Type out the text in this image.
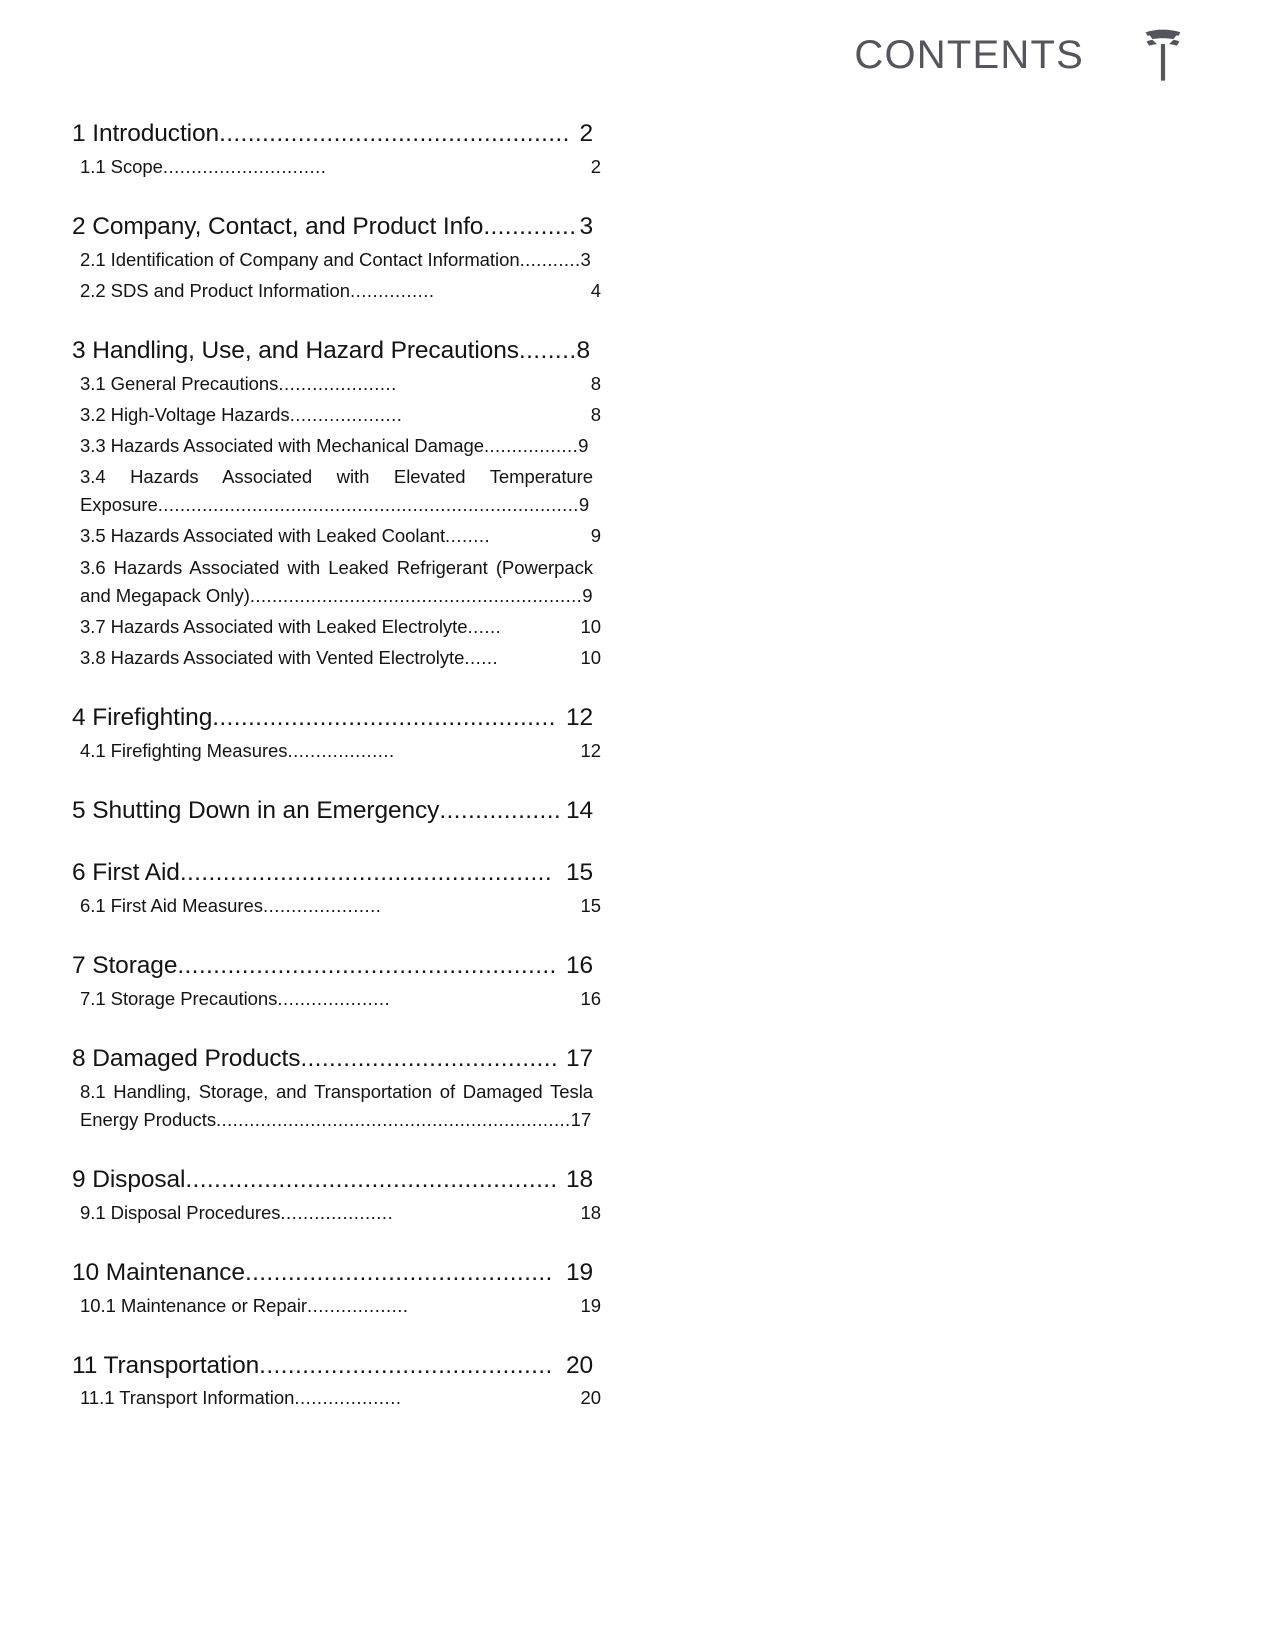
CONTENTS
1 Introduction ................................................. 2
1.1 Scope .............................	2
2 Company, Contact, and Product Info ............. 3
2.1 Identification of Company and Contact Information...........3
2.2 SDS and Product Information ...............	4
3 Handling, Use, and Hazard Precautions........8
3.1 General Precautions .....................	8
3.2 High-Voltage Hazards ....................	8
3.3 Hazards Associated with Mechanical Damage.................9
3.4 Hazards Associated with Elevated Temperature Exposure............................................................................9
3.5 Hazards Associated with Leaked Coolant ........	9
3.6 Hazards Associated with Leaked Refrigerant (Powerpack and Megapack Only)............................................................9
3.7 Hazards Associated with Leaked Electrolyte ......	10
3.8 Hazards Associated with Vented Electrolyte ......	10
4 Firefighting ................................................ 12
4.1 Firefighting Measures ...................	12
5 Shutting Down in an Emergency ................. 14
6 First Aid .................................................... 15
6.1 First Aid Measures .....................	15
7 Storage ..................................................... 16
7.1 Storage Precautions ....................	16
8 Damaged Products .................................... 17
8.1 Handling, Storage, and Transportation of Damaged Tesla Energy Products................................................................17
9 Disposal .................................................... 18
9.1 Disposal Procedures ....................	18
10 Maintenance ........................................... 19
10.1 Maintenance or Repair ..................	19
11 Transportation ......................................... 20
11.1 Transport Information ...................	20
